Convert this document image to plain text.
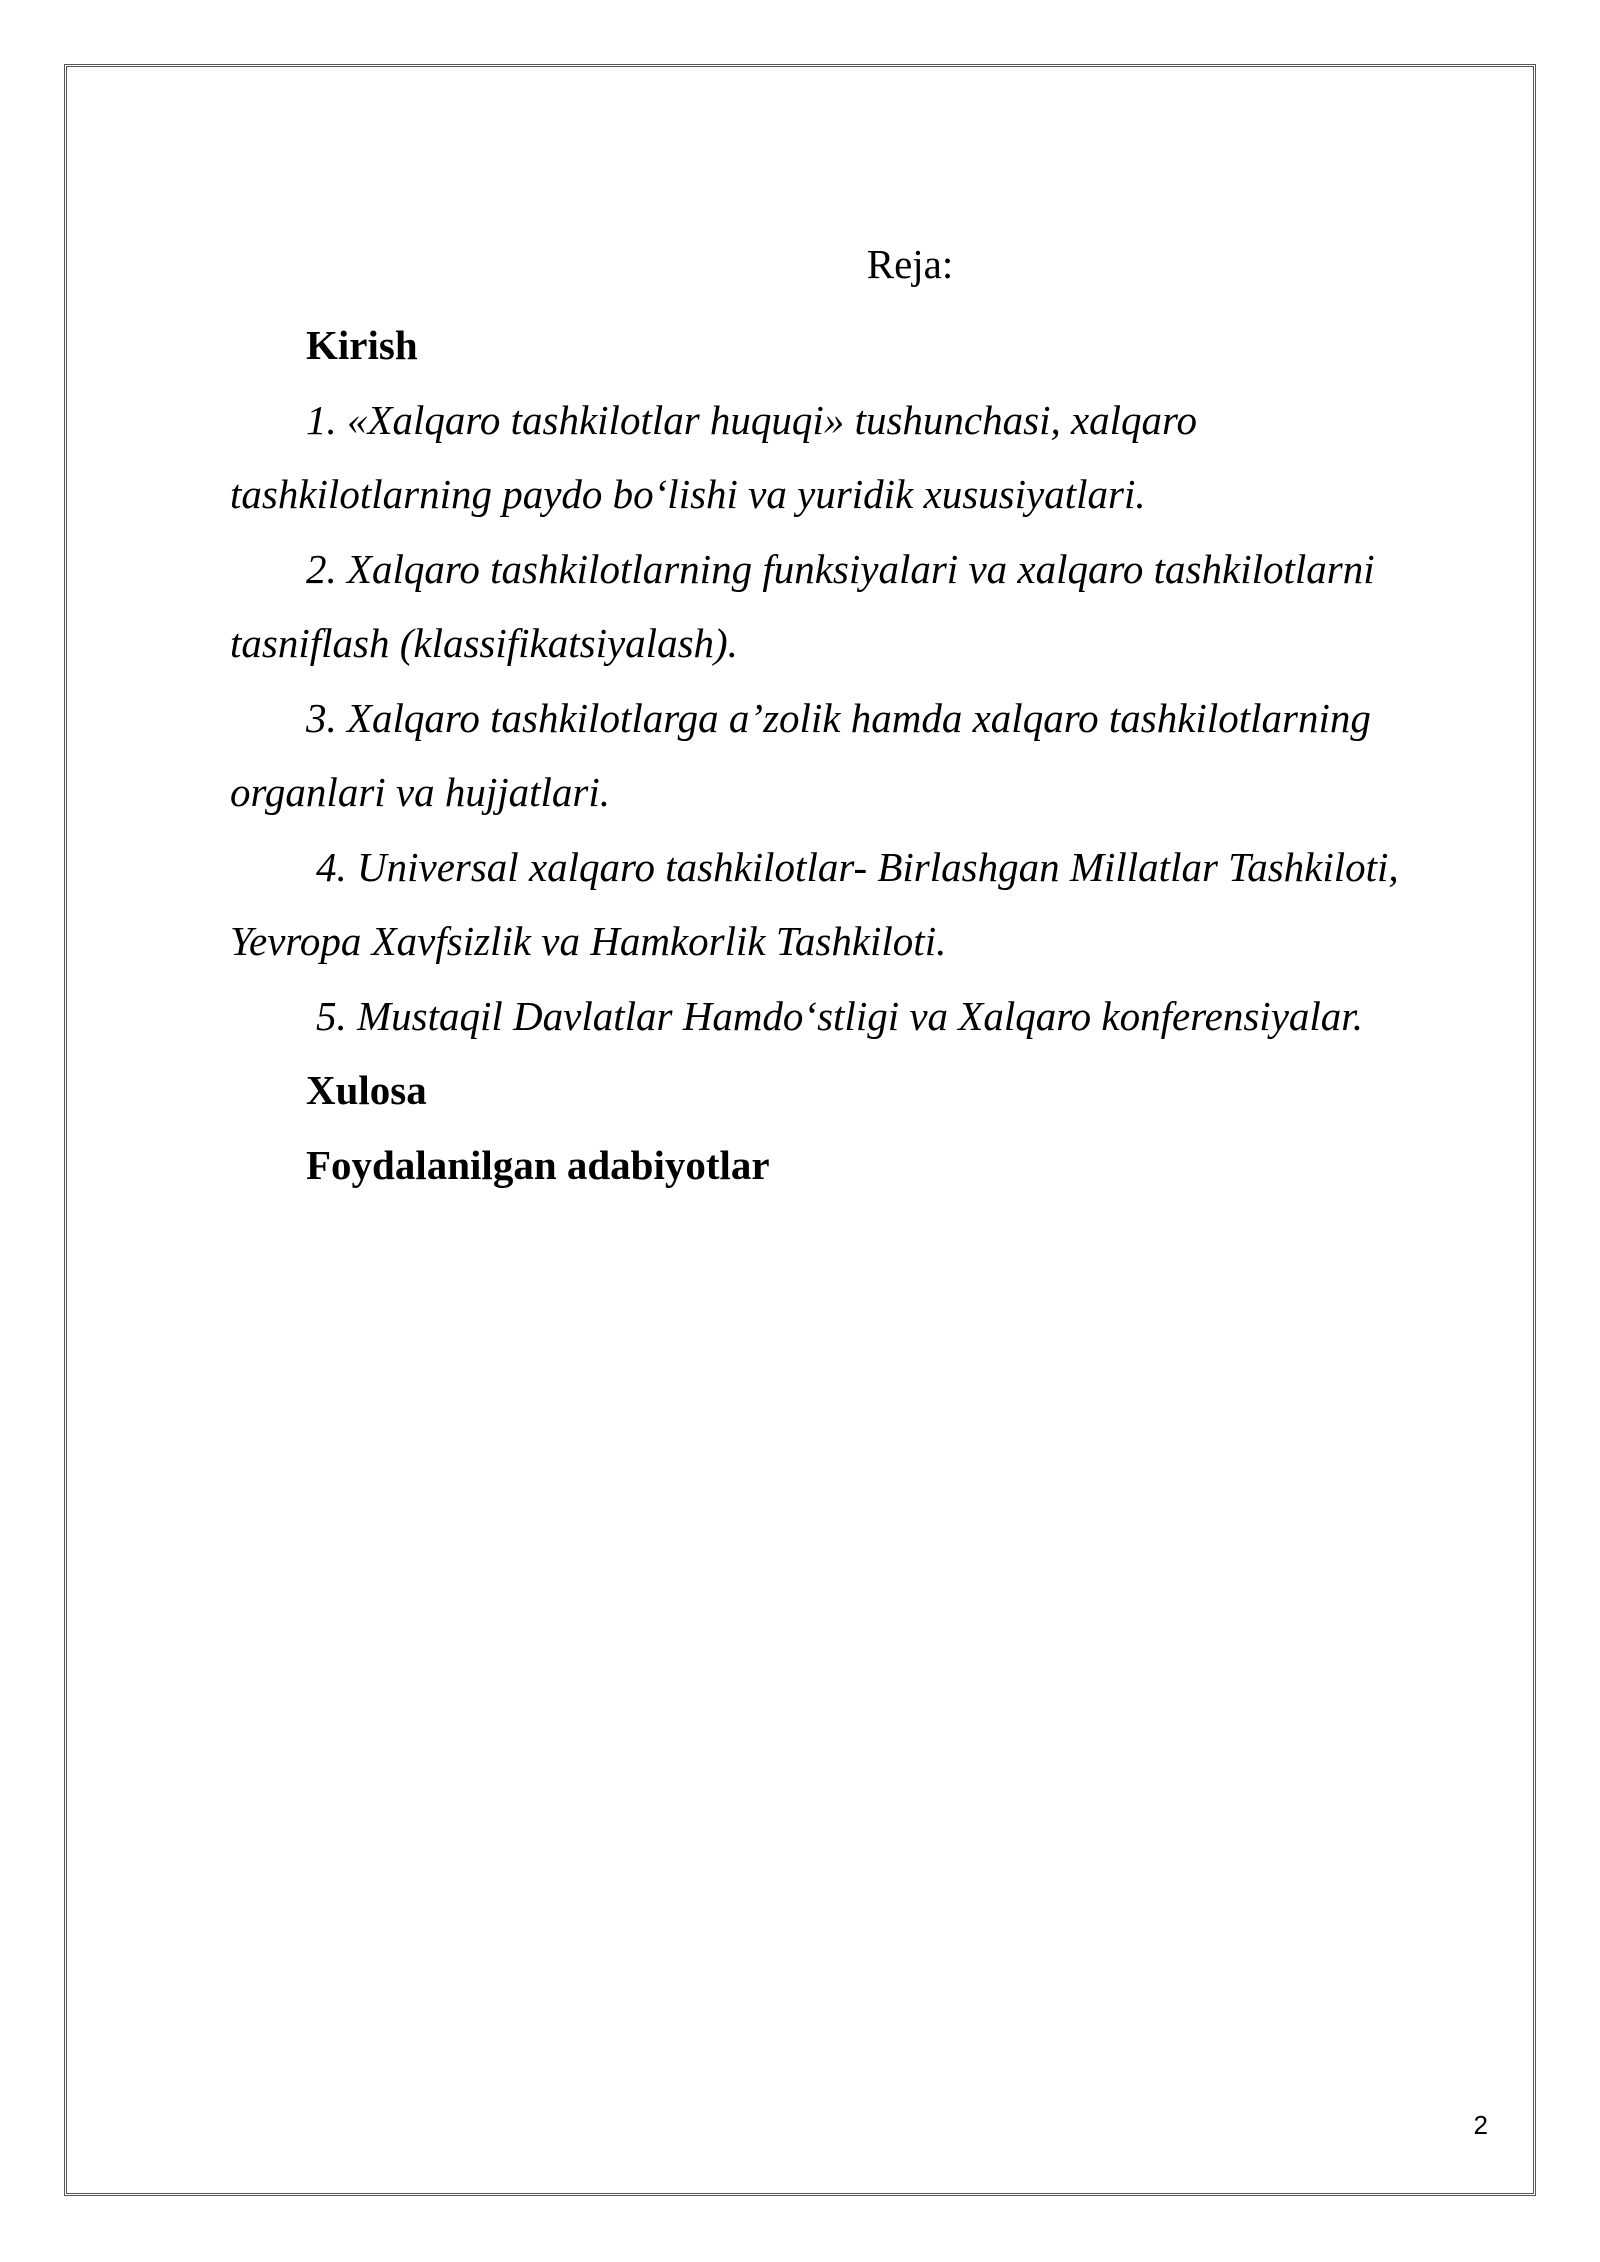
Reja:
Kirish
1. «Xalqaro tashkilotlar huquqi» tushunchasi, xalqaro
tashkilotlarning paydo bo‘lishi va yuridik xususiyatlari.
2. Xalqaro tashkilotlarning funksiyalari va xalqaro tashkilotlarni
tasniflash (klassifikatsiyalash).
3. Xalqaro tashkilotlarga a’zolik hamda xalqaro tashkilotlarning
organlari va hujjatlari.
4. Universal xalqaro tashkilotlar- Birlashgan Millatlar Tashkiloti,
Yevropa Xavfsizlik va Hamkorlik Tashkiloti.
5. Mustaqil Davlatlar Hamdo‘stligi va Xalqaro konferensiyalar.
Xulosa
Foydalanilgan adabiyotlar
2
